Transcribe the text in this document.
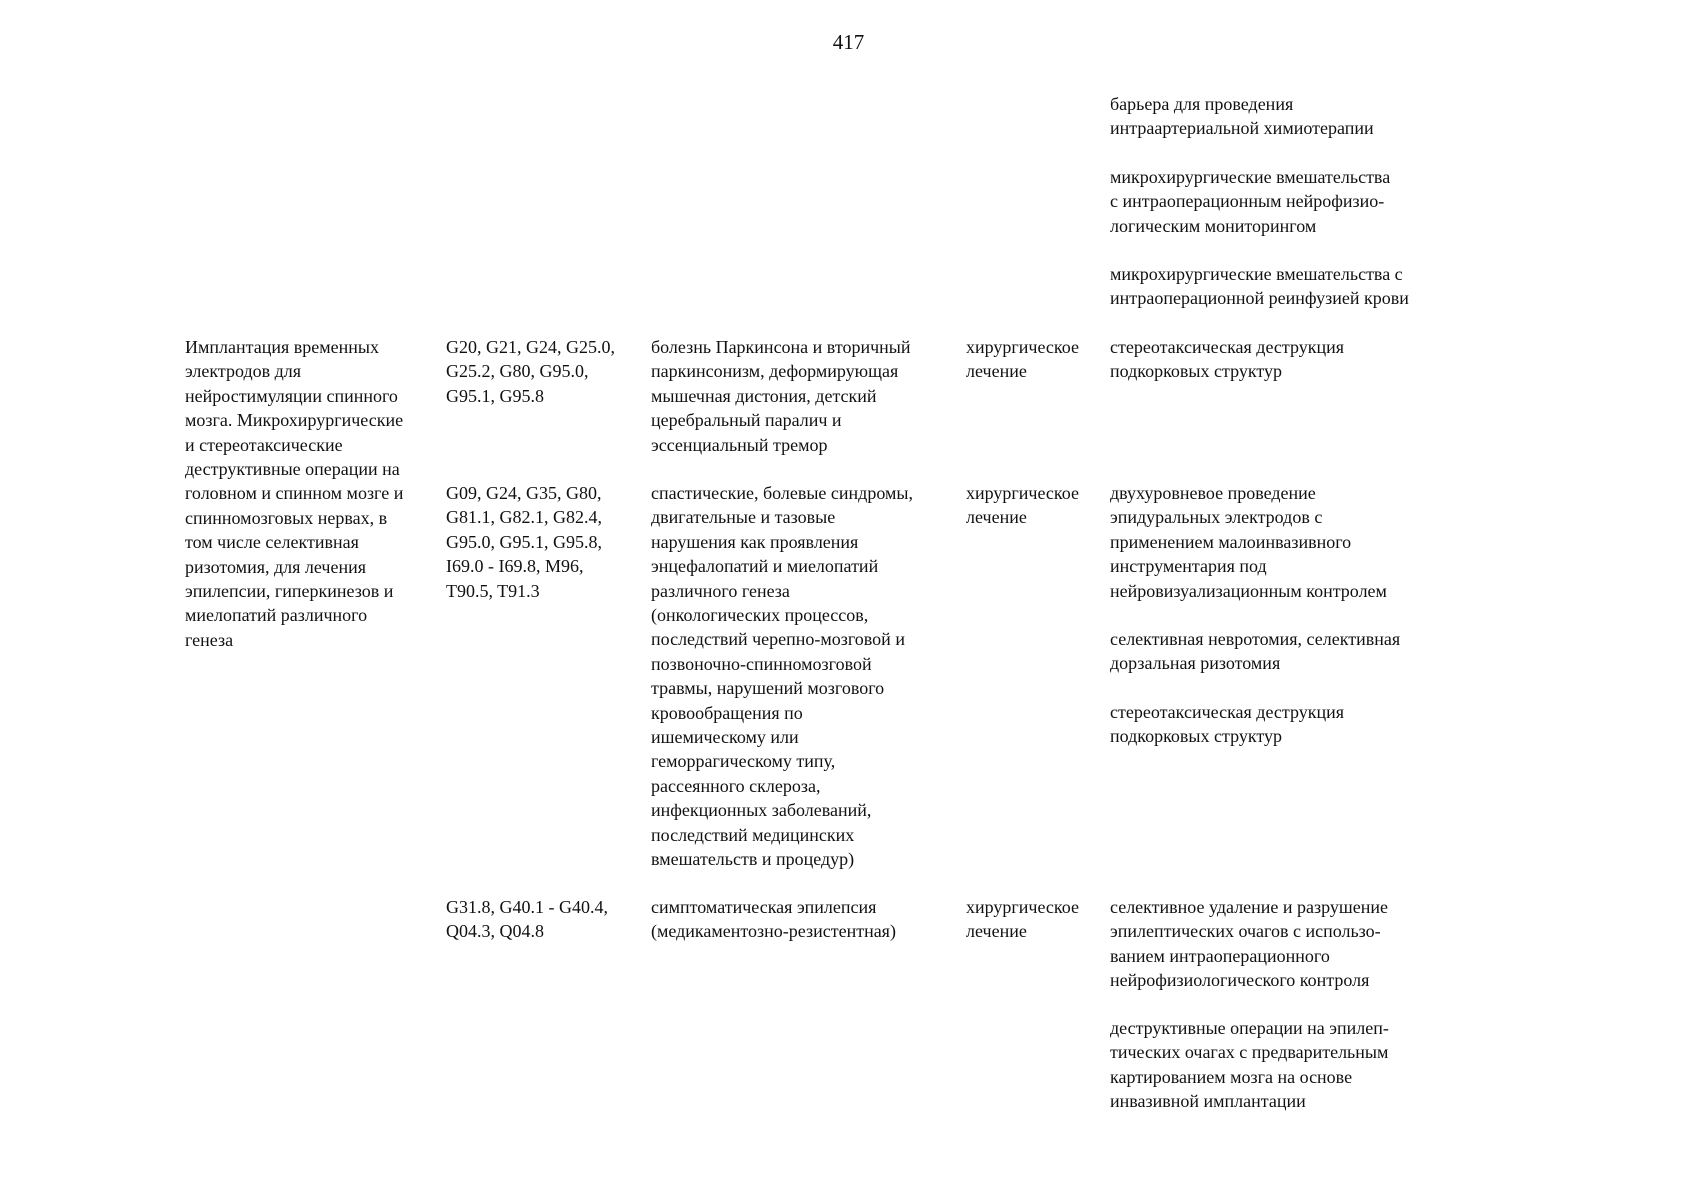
417
барьера для проведения
интраартериальной химиотерапии
микрохирургические вмешательства
с интраоперационным нейрофизио-
логическим мониторингом
микрохирургические вмешательства с
интраоперационной реинфузией крови
Имплантация временных
электродов для
нейростимуляции спинного
мозга. Микрохирургические
и стереотаксические
деструктивные операции на
головном и спинном мозге и
спинномозговых нервах, в
том числе селективная
ризотомия, для лечения
эпилепсии, гиперкинезов и
миелопатий различного
генеза
G20, G21, G24, G25.0,
G25.2, G80, G95.0,
G95.1, G95.8
болезнь Паркинсона и вторичный
паркинсонизм, деформирующая
мышечная дистония, детский
церебральный паралич и
эссенциальный тремор
хирургическое
лечение
стереотаксическая деструкция
подкорковых структур
G09, G24, G35, G80,
G81.1, G82.1, G82.4,
G95.0, G95.1, G95.8,
I69.0 - I69.8, M96,
T90.5, T91.3
спастические, болевые синдромы,
двигательные и тазовые
нарушения как проявления
энцефалопатий и миелопатий
различного генеза
(онкологических процессов,
последствий черепно-мозговой и
позвоночно-спинномозговой
травмы, нарушений мозгового
кровообращения по
ишемическому или
геморрагическому типу,
рассеянного склероза,
инфекционных заболеваний,
последствий медицинских
вмешательств и процедур)
хирургическое
лечение
двухуровневое проведение
эпидуральных электродов с
применением малоинвазивного
инструментария под
нейровизуализационным контролем
селективная невротомия, селективная
дорзальная ризотомия
стереотаксическая деструкция
подкорковых структур
G31.8, G40.1 - G40.4,
Q04.3, Q04.8
симптоматическая эпилепсия
(медикаментозно-резистентная)
хирургическое
лечение
селективное удаление и разрушение
эпилептических очагов с использо-
ванием интраоперационного
нейрофизиологического контроля
деструктивные операции на эпилеп-
тических очагах с предварительным
картированием мозга на основе
инвазивной имплантации
